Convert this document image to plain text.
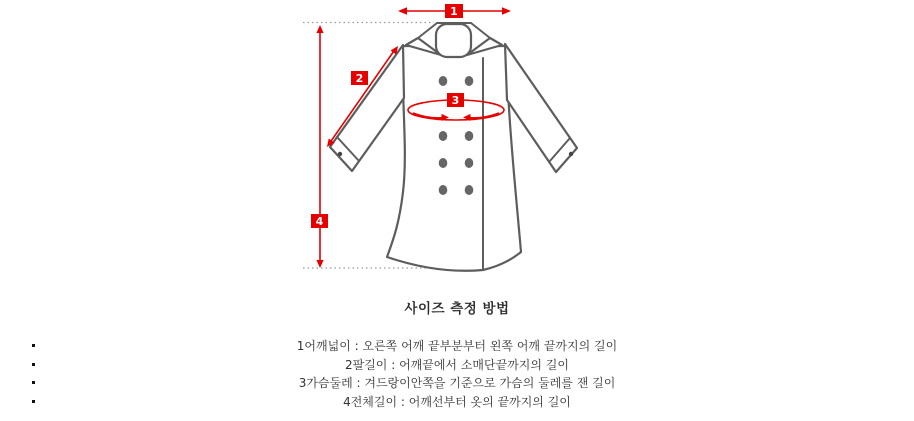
1
2
3
4
사이즈 측정 방법
1어깨넓이 : 오른쪽 어깨 끝부분부터 왼쪽 어깨 끝까지의 길이
2팔길이 : 어깨끝에서 소매단끝까지의 길이
3가슴둘레 : 겨드랑이안쪽을 기준으로 가슴의 둘레를 잰 길이
4전체길이 : 어깨선부터 옷의 끝까지의 길이
